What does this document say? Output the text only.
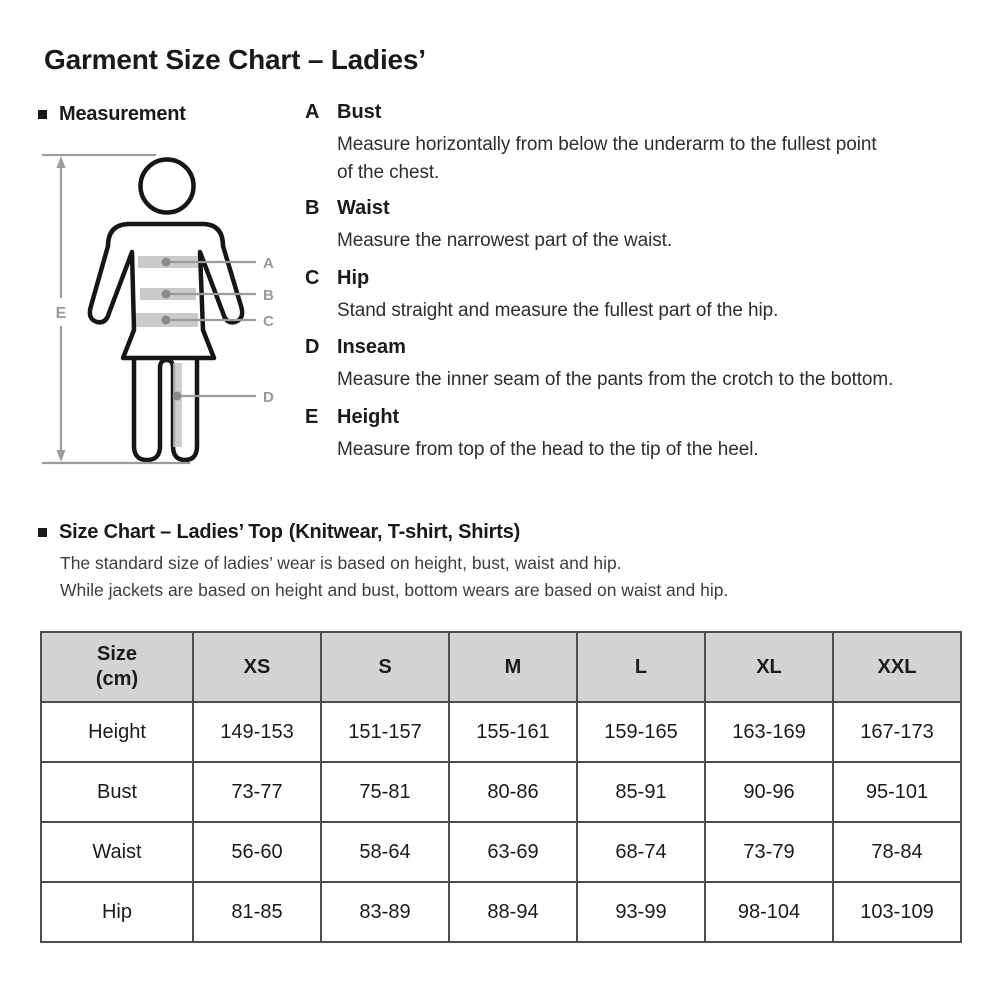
Garment Size Chart – Ladies’
Measurement
E
A
B
C
D
A Bust
Measure horizontally from below the underarm to the fullest point
of the chest.
B Waist
Measure the narrowest part of the waist.
C Hip
Stand straight and measure the fullest part of the hip.
D Inseam
Measure the inner seam of the pants from the crotch to the bottom.
E Height
Measure from top of the head to the tip of the heel.
Size Chart – Ladies’ Top (Knitwear, T-shirt, Shirts)
The standard size of ladies’ wear is based on height, bust, waist and hip.
While jackets are based on height and bust, bottom wears are based on waist and hip.
Size
(cm)	XS	S	M	L	XL	XXL
Height	149-153	151-157	155-161	159-165	163-169	167-173
Bust	73-77	75-81	80-86	85-91	90-96	95-101
Waist	56-60	58-64	63-69	68-74	73-79	78-84
Hip	81-85	83-89	88-94	93-99	98-104	103-109
